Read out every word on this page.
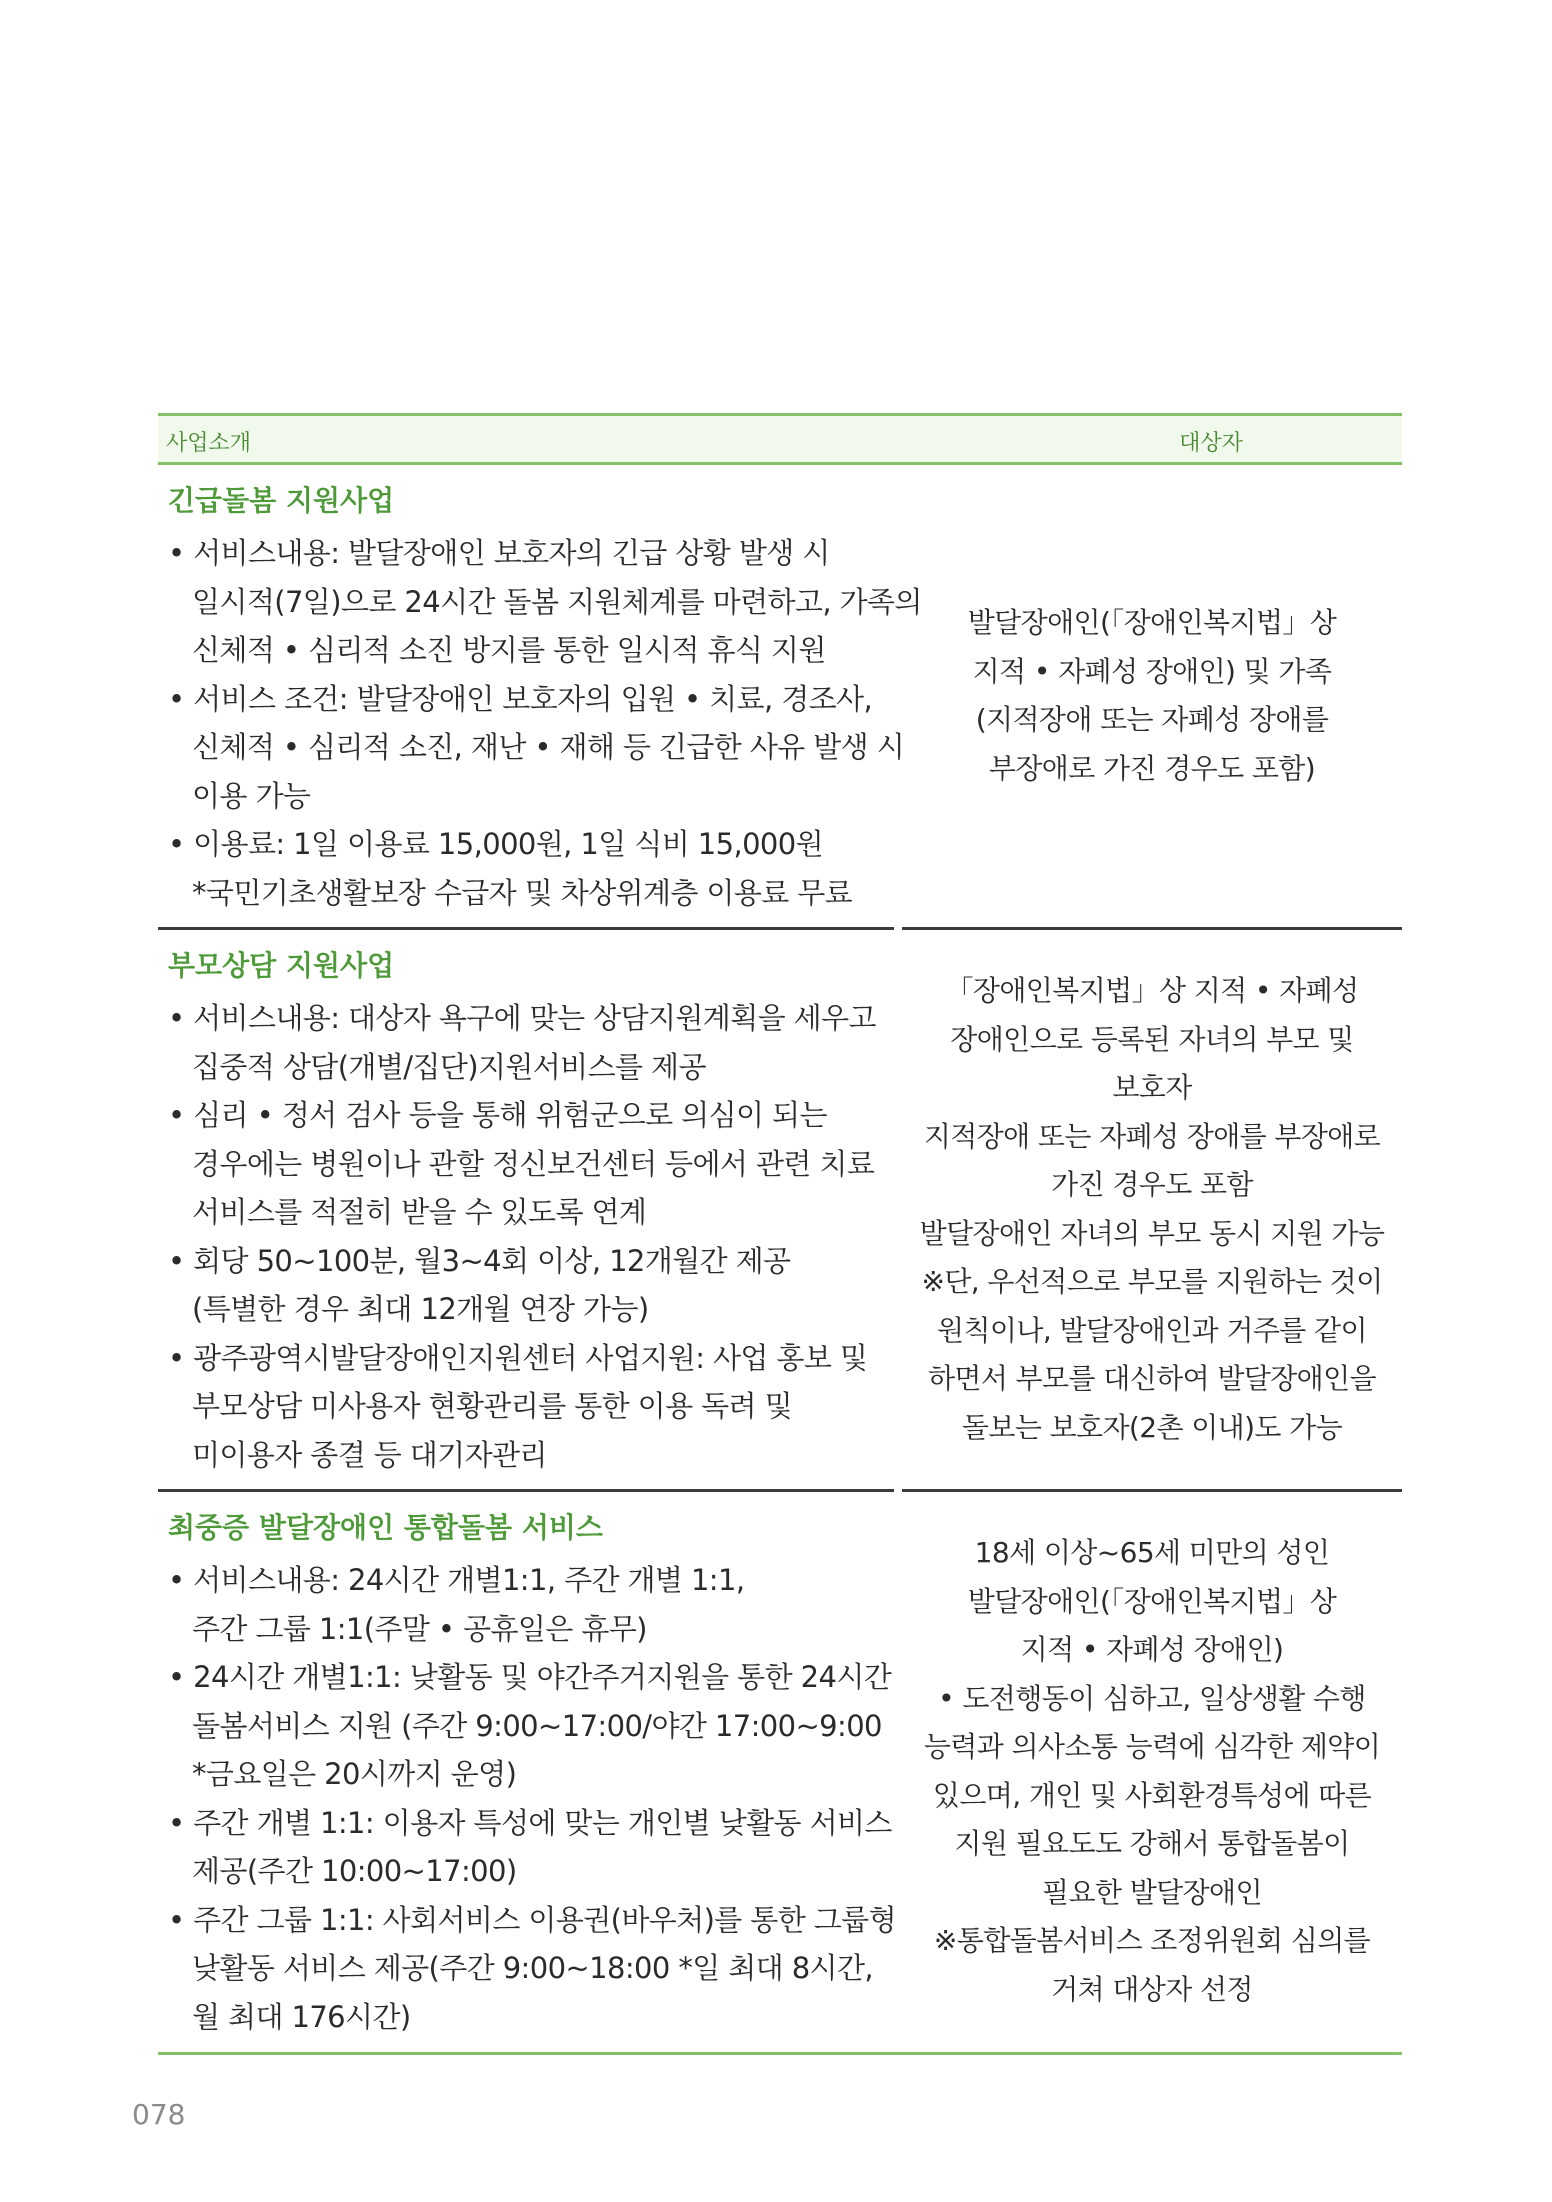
사업소개	대상자
긴급돌봄 지원사업
• 서비스내용: 발달장애인 보호자의 긴급 상황 발생 시
일시적(7일)으로 24시간 돌봄 지원체계를 마련하고, 가족의
신체적 • 심리적 소진 방지를 통한 일시적 휴식 지원
• 서비스 조건: 발달장애인 보호자의 입원 • 치료, 경조사,
신체적 • 심리적 소진, 재난 • 재해 등 긴급한 사유 발생 시
이용 가능
• 이용료: 1일 이용료 15,000원, 1일 식비 15,000원
*국민기초생활보장 수급자 및 차상위계층 이용료 무료
발달장애인(「장애인복지법」상
지적 • 자폐성 장애인) 및 가족
(지적장애 또는 자폐성 장애를
부장애로 가진 경우도 포함)
부모상담 지원사업
• 서비스내용: 대상자 욕구에 맞는 상담지원계획을 세우고
집중적 상담(개별/집단)지원서비스를 제공
• 심리 • 정서 검사 등을 통해 위험군으로 의심이 되는
경우에는 병원이나 관할 정신보건센터 등에서 관련 치료
서비스를 적절히 받을 수 있도록 연계
• 회당 50~100분, 월3~4회 이상, 12개월간 제공
(특별한 경우 최대 12개월 연장 가능)
• 광주광역시발달장애인지원센터 사업지원: 사업 홍보 및
부모상담 미사용자 현황관리를 통한 이용 독려 및
미이용자 종결 등 대기자관리
「장애인복지법」상 지적 • 자폐성
장애인으로 등록된 자녀의 부모 및
보호자
지적장애 또는 자폐성 장애를 부장애로
가진 경우도 포함
발달장애인 자녀의 부모 동시 지원 가능
※단, 우선적으로 부모를 지원하는 것이
원칙이나, 발달장애인과 거주를 같이
하면서 부모를 대신하여 발달장애인을
돌보는 보호자(2촌 이내)도 가능
최중증 발달장애인 통합돌봄 서비스
• 서비스내용: 24시간 개별1:1, 주간 개별 1:1,
주간 그룹 1:1(주말 • 공휴일은 휴무)
• 24시간 개별1:1: 낮활동 및 야간주거지원을 통한 24시간
돌봄서비스 지원 (주간 9:00~17:00/야간 17:00~9:00
*금요일은 20시까지 운영)
• 주간 개별 1:1: 이용자 특성에 맞는 개인별 낮활동 서비스
제공(주간 10:00~17:00)
• 주간 그룹 1:1: 사회서비스 이용권(바우처)를 통한 그룹형
낮활동 서비스 제공(주간 9:00~18:00 *일 최대 8시간,
월 최대 176시간)
18세 이상~65세 미만의 성인
발달장애인(「장애인복지법」상
지적 • 자폐성 장애인)
• 도전행동이 심하고, 일상생활 수행
능력과 의사소통 능력에 심각한 제약이
있으며, 개인 및 사회환경특성에 따른
지원 필요도도 강해서 통합돌봄이
필요한 발달장애인
※통합돌봄서비스 조정위원회 심의를
거쳐 대상자 선정
078
